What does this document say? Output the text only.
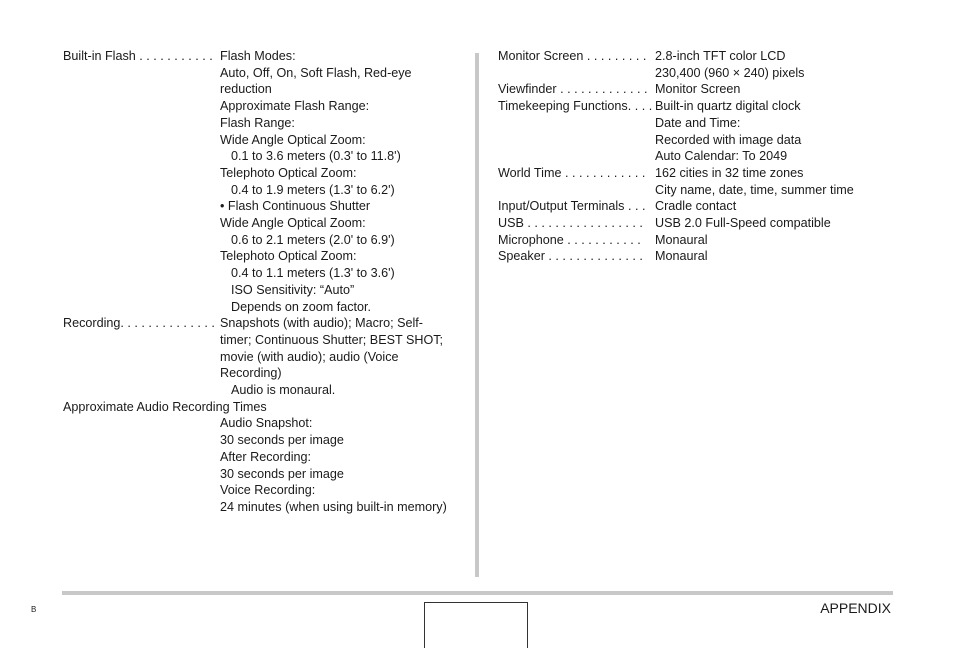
Built-in Flash . . . . . . . . . . . Flash Modes:
Auto, Off, On, Soft Flash, Red-eye
reduction
Approximate Flash Range:
Flash Range:
Wide Angle Optical Zoom:
0.1 to 3.6 meters (0.3' to 11.8')
Telephoto Optical Zoom:
0.4 to 1.9 meters (1.3' to 6.2')
• Flash Continuous Shutter
Wide Angle Optical Zoom:
0.6 to 2.1 meters (2.0' to 6.9')
Telephoto Optical Zoom:
0.4 to 1.1 meters (1.3' to 3.6')
ISO Sensitivity: “Auto”
Depends on zoom factor.
Recording. . . . . . . . . . . . . . Snapshots (with audio); Macro; Self-
timer; Continuous Shutter; BEST SHOT;
movie (with audio); audio (Voice
Recording)
Audio is monaural.
Approximate Audio Recording Times
Audio Snapshot:
30 seconds per image
After Recording:
30 seconds per image
Voice Recording:
24 minutes (when using built-in memory)
Monitor Screen . . . . . . . . . 2.8-inch TFT color LCD
230,400 (960 × 240) pixels
Viewfinder . . . . . . . . . . . . . Monitor Screen
Timekeeping Functions. . . . Built-in quartz digital clock
Date and Time:
Recorded with image data
Auto Calendar: To 2049
World Time . . . . . . . . . . . . 162 cities in 32 time zones
City name, date, time, summer time
Input/Output Terminals . . . Cradle contact
USB . . . . . . . . . . . . . . . . . USB 2.0 Full-Speed compatible
Microphone . . . . . . . . . . . Monaural
Speaker . . . . . . . . . . . . . . Monaural
B	APPENDIX
